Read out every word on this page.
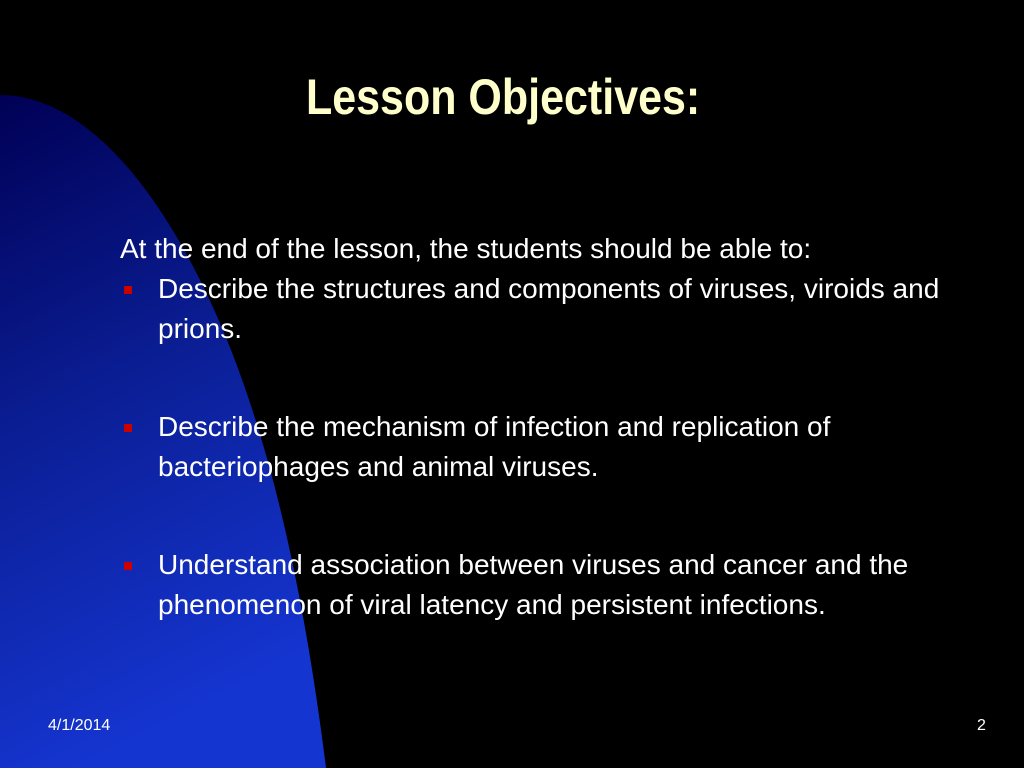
Lesson Objectives:

At the end of the lesson, the students should be able to:

Describe the structures and components of viruses, viroids and prions.
Describe the mechanism of infection and replication of bacteriophages and animal viruses.
Understand association between viruses and cancer and the phenomenon of viral latency and persistent infections.
4/1/2014	2
